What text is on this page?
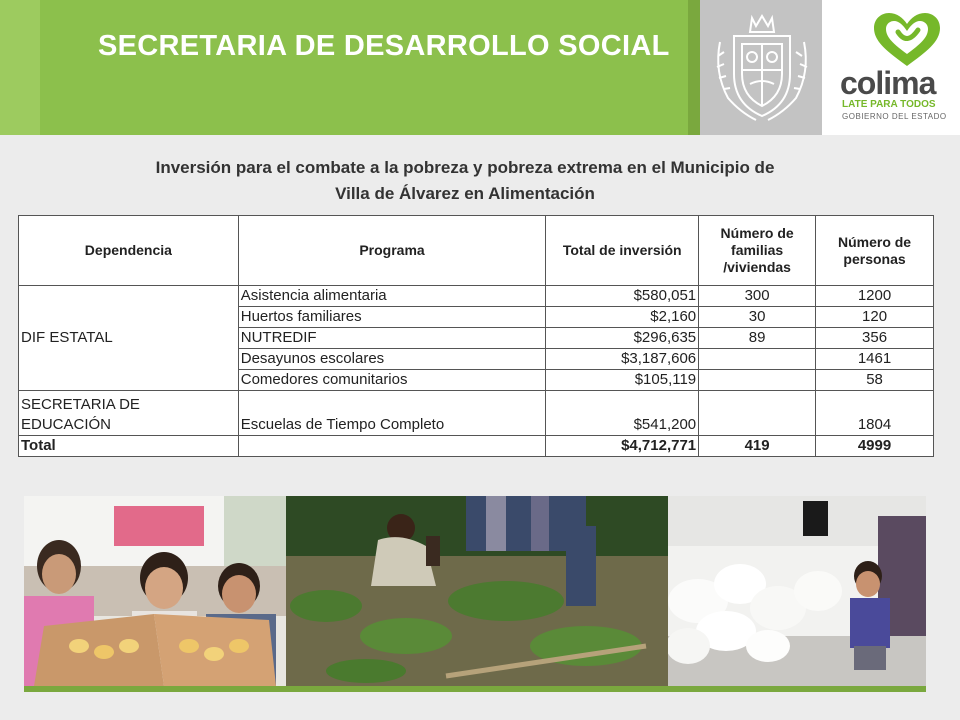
SECRETARIA DE DESARROLLO SOCIAL
colima
LATE PARA TODOS
GOBIERNO DEL ESTADO
Inversión para el combate a la pobreza y pobreza extrema en el Municipio de
Villa de Álvarez en Alimentación
Dependencia	Programa	Total de inversión	Número de familias /viviendas	Número de personas
DIF ESTATAL	Asistencia alimentaria	$580,051	300	1200
	Huertos familiares	$2,160	30	120
	NUTREDIF	$296,635	89	356
	Desayunos escolares	$3,187,606		1461
	Comedores comunitarios	$105,119		58
SECRETARIA DE
EDUCACIÓN	Escuelas de Tiempo Completo	$541,200		1804
Total		$4,712,771	419	4999
